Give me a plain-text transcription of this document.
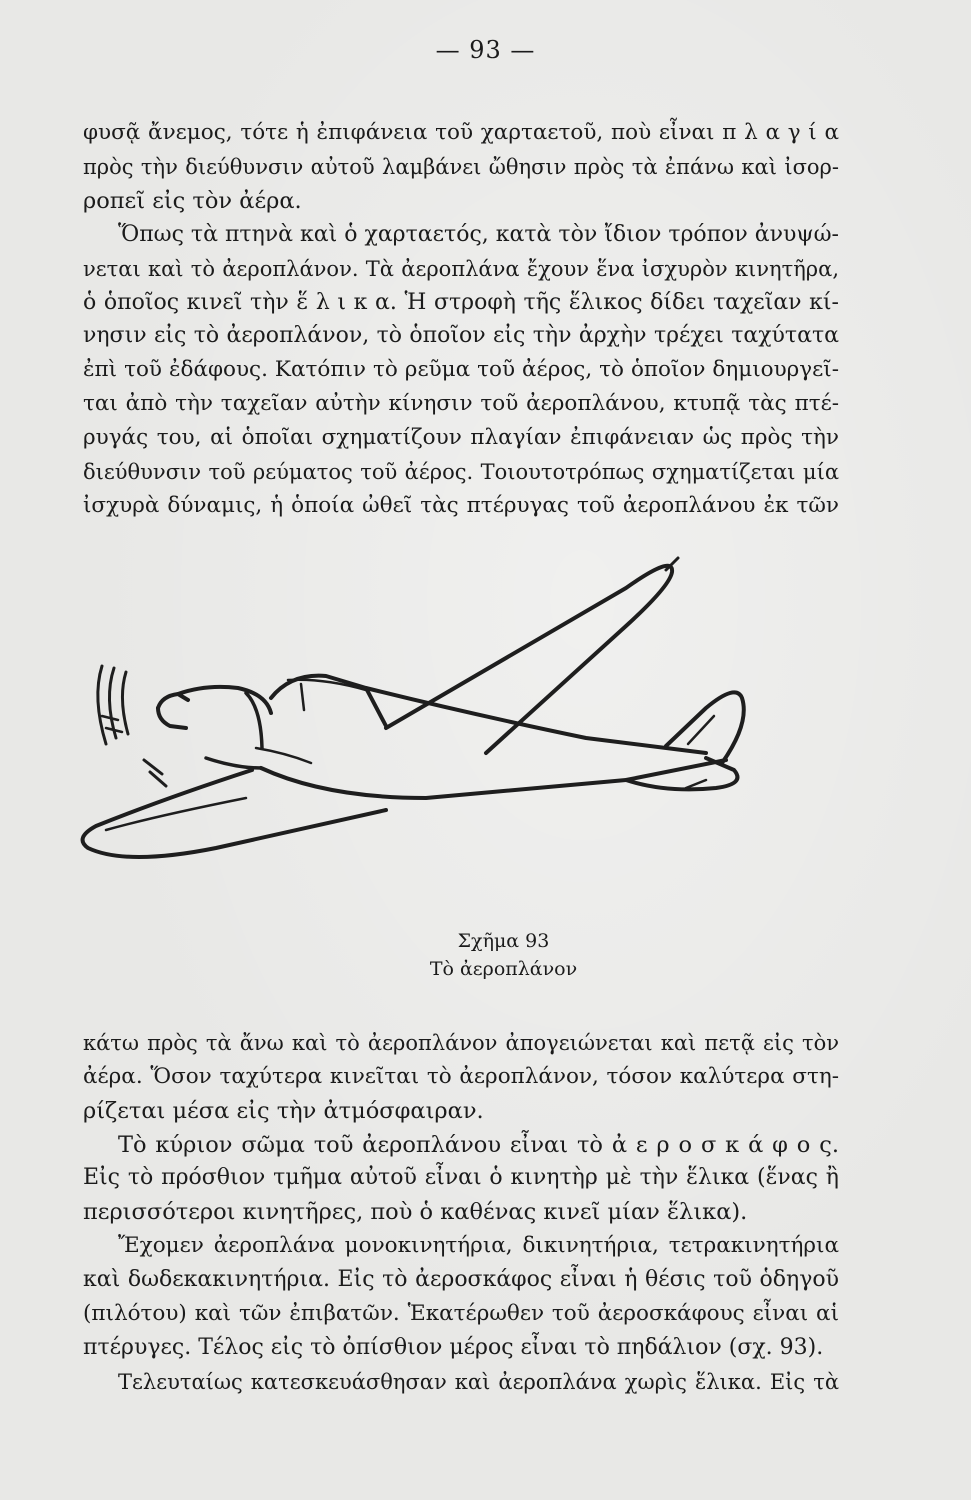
— 93 —
φυσᾷ ἄνεμος, τότε ἡ ἐπιφάνεια τοῦ χαρταετοῦ, ποὺ εἶναι π λ α γ ί α
πρὸς τὴν διεύθυνσιν αὐτοῦ λαμβάνει ὤθησιν πρὸς τὰ ἐπάνω καὶ ἰσορ-
ροπεῖ εἰς τὸν ἀέρα.
Ὅπως τὰ πτηνὰ καὶ ὁ χαρταετός, κατὰ τὸν ἴδιον τρόπον ἀνυψώ-
νεται καὶ τὸ ἀεροπλάνον. Τὰ ἀεροπλάνα ἔχουν ἕνα ἰσχυρὸν κινητῆρα,
ὁ ὁποῖος κινεῖ τὴν ἕ λ ι κ α. Ἡ στροφὴ τῆς ἕλικος δίδει ταχεῖαν κί-
νησιν εἰς τὸ ἀεροπλάνον, τὸ ὁποῖον εἰς τὴν ἀρχὴν τρέχει ταχύτατα
ἐπὶ τοῦ ἐδάφους. Κατόπιν τὸ ρεῦμα τοῦ ἀέρος, τὸ ὁποῖον δημιουργεῖ-
ται ἀπὸ τὴν ταχεῖαν αὐτὴν κίνησιν τοῦ ἀεροπλάνου, κτυπᾷ τὰς πτέ-
ρυγάς του, αἱ ὁποῖαι σχηματίζουν πλαγίαν ἐπιφάνειαν ὡς πρὸς τὴν
διεύθυνσιν τοῦ ρεύματος τοῦ ἀέρος. Τοιουτοτρόπως σχηματίζεται μία
ἰσχυρὰ δύναμις, ἡ ὁποία ὠθεῖ τὰς πτέρυγας τοῦ ἀεροπλάνου ἐκ τῶν
Σχῆμα 93
Τὸ ἀεροπλάνον
κάτω πρὸς τὰ ἄνω καὶ τὸ ἀεροπλάνον ἀπογειώνεται καὶ πετᾷ εἰς τὸν
ἀέρα. Ὅσον ταχύτερα κινεῖται τὸ ἀεροπλάνον, τόσον καλύτερα στη-
ρίζεται μέσα εἰς τὴν ἀτμόσφαιραν.
Τὸ κύριον σῶμα τοῦ ἀεροπλάνου εἶναι τὸ ἀ ε ρ ο σ κ ά φ ο ς.
Εἰς τὸ πρόσθιον τμῆμα αὐτοῦ εἶναι ὁ κινητὴρ μὲ τὴν ἕλικα (ἕνας ἢ
περισσότεροι κινητῆρες, ποὺ ὁ καθένας κινεῖ μίαν ἕλικα).
Ἔχομεν ἀεροπλάνα μονοκινητήρια, δικινητήρια, τετρακινητήρια
καὶ δωδεκακινητήρια. Εἰς τὸ ἀεροσκάφος εἶναι ἡ θέσις τοῦ ὁδηγοῦ
(πιλότου) καὶ τῶν ἐπιβατῶν. Ἑκατέρωθεν τοῦ ἀεροσκάφους εἶναι αἱ
πτέρυγες. Τέλος εἰς τὸ ὀπίσθιον μέρος εἶναι τὸ πηδάλιον (σχ. 93).
Τελευταίως κατεσκευάσθησαν καὶ ἀεροπλάνα χωρὶς ἕλικα. Εἰς τὰ
